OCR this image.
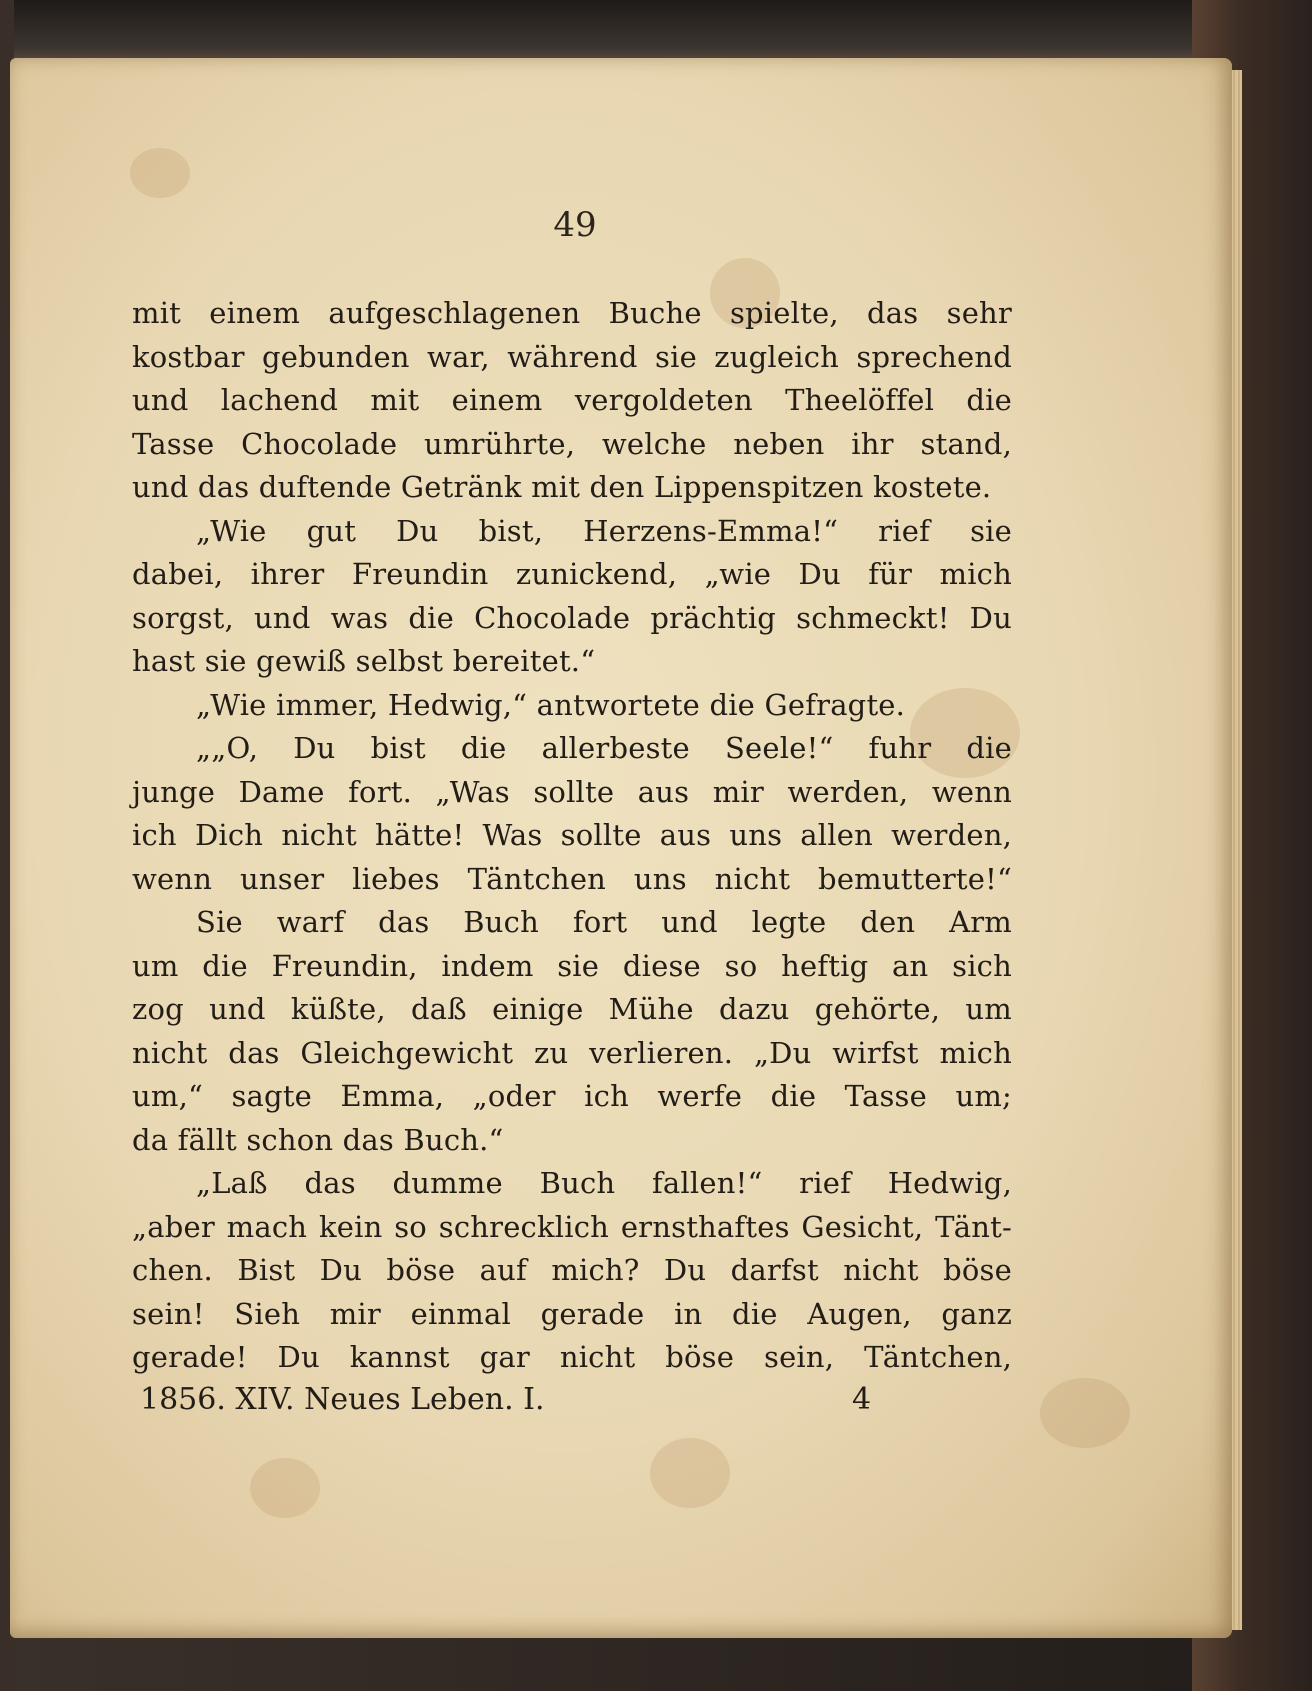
49
mit einem aufgeschlagenen Buche spielte, das sehr
kostbar gebunden war, während sie zugleich sprechend
und lachend mit einem vergoldeten Theelöffel die
Tasse Chocolade umrührte, welche neben ihr stand,
und das duftende Getränk mit den Lippenspitzen kostete.
„Wie gut Du bist, Herzens-Emma!“ rief sie
dabei, ihrer Freundin zunickend, „wie Du für mich
sorgst, und was die Chocolade prächtig schmeckt! Du
hast sie gewiß selbst bereitet.“
„Wie immer, Hedwig,“ antwortete die Gefragte.
„„O, Du bist die allerbeste Seele!“ fuhr die
junge Dame fort. „Was sollte aus mir werden, wenn
ich Dich nicht hätte! Was sollte aus uns allen werden,
wenn unser liebes Täntchen uns nicht bemutterte!“
Sie warf das Buch fort und legte den Arm
um die Freundin, indem sie diese so heftig an sich
zog und küßte, daß einige Mühe dazu gehörte, um
nicht das Gleichgewicht zu verlieren. „Du wirfst mich
um,“ sagte Emma, „oder ich werfe die Tasse um;
da fällt schon das Buch.“
„Laß das dumme Buch fallen!“ rief Hedwig,
„aber mach kein so schrecklich ernsthaftes Gesicht, Tänt-
chen. Bist Du böse auf mich? Du darfst nicht böse
sein! Sieh mir einmal gerade in die Augen, ganz
gerade! Du kannst gar nicht böse sein, Täntchen,
1856. XIV. Neues Leben. I.	4
